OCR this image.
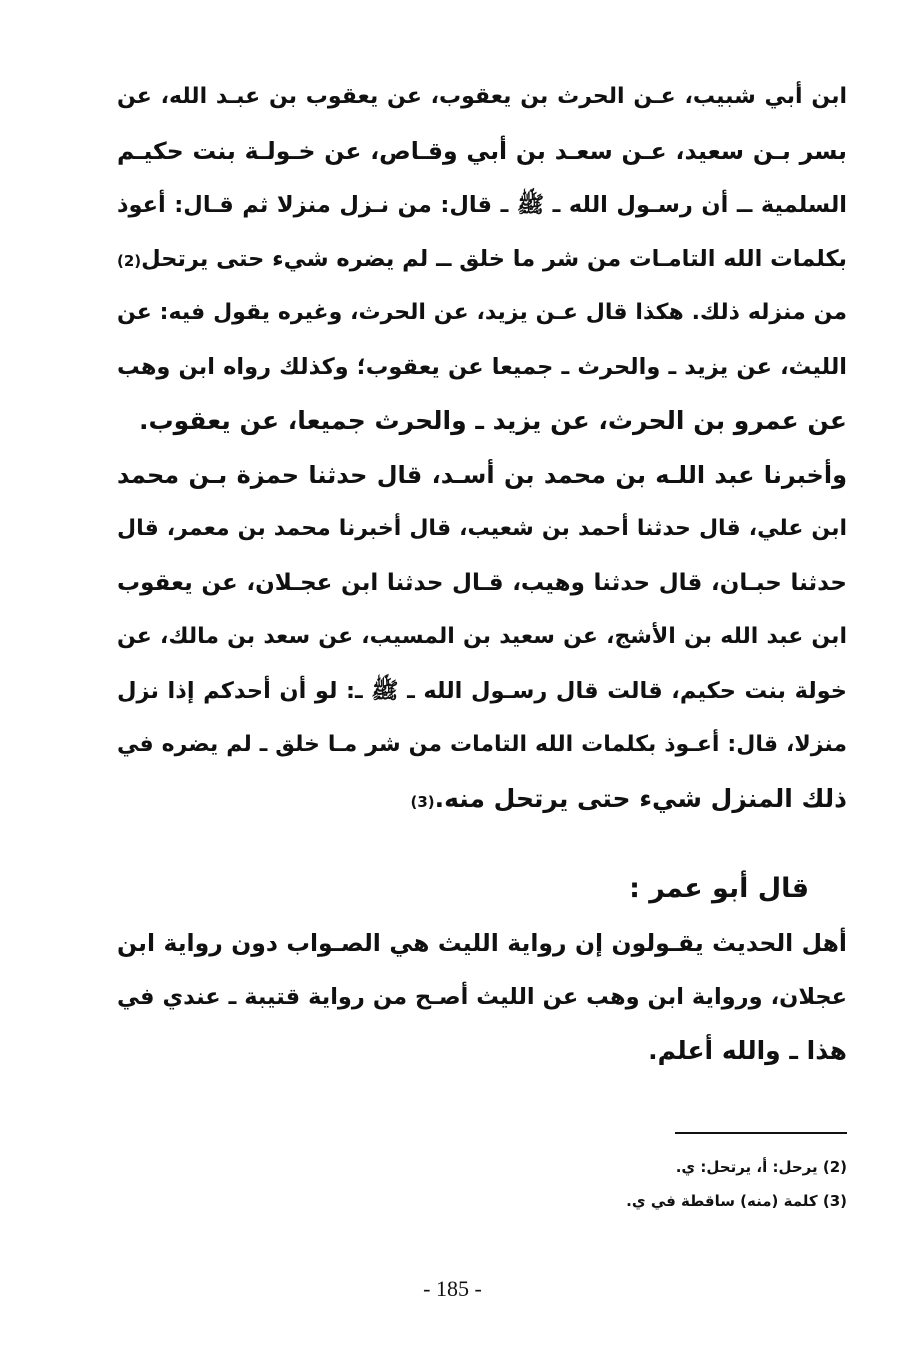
ابن أبي شبيب، عـن الحرث بن يعقوب، عن يعقوب بن عبـد الله، عن
بسر بـن سعيد، عـن سعـد بن أبي وقـاص، عن خـولـة بنت حكيـم
السلمية ــ أن رسـول الله ـ ﷺ ـ قال: من نـزل منزلا ثم قـال: أعوذ
بكلمات الله التامـات من شر ما خلق ــ لم يضره شيء حتى يرتحل(2)
من منزله ذلك. هكذا قال عـن يزيد، عن الحرث، وغيره يقول فيه: عن
الليث، عن يزيد ـ والحرث ـ جميعا عن يعقوب؛ وكذلك رواه ابن وهب
عن عمرو بن الحرث، عن يزيد ـ والحرث جميعا، عن يعقوب.
وأخبرنا عبد اللـه بن محمد بن أسـد، قال حدثنا حمزة بـن محمد
ابن علي، قال حدثنا أحمد بن شعيب، قال أخبرنا محمد بن معمر، قال
حدثنا حبـان، قال حدثنا وهيب، قـال حدثنا ابن عجـلان، عن يعقوب
ابن عبد الله بن الأشج، عن سعيد بن المسيب، عن سعد بن مالك، عن
خولة بنت حكيم، قالت قال رسـول الله ـ ﷺ ـ: لو أن أحدكم إذا نزل
منزلا، قال: أعـوذ بكلمات الله التامات من شر مـا خلق ـ لم يضره في
ذلك المنزل شيء حتى يرتحل منه.(3)
قال أبو عمر :
أهل الحديث يقـولون إن رواية الليث هي الصـواب دون رواية ابن
عجلان، ورواية ابن وهب عن الليث أصـح من رواية قتيبة ـ عندي في
هذا ـ والله أعلم.
(2) يرحل: أ، يرتحل: ي.
(3) كلمة (منه) ساقطة في ي.
- 185 -
